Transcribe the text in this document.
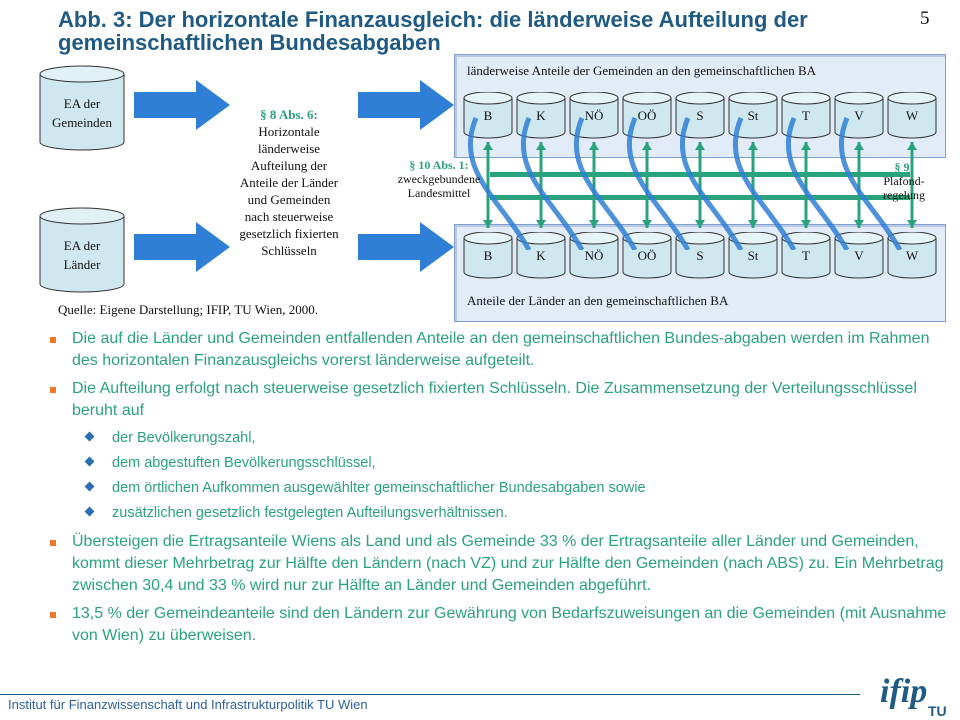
Abb. 3: Der horizontale Finanzausgleich: die länderweise Aufteilung der gemeinschaftlichen Bundesabgaben
5
EA der
Gemeinden
EA der
Länder
§ 8 Abs. 6:
Horizontale
länderweise
Aufteilung der
Anteile der Länder
und Gemeinden
nach steuerweise
gesetzlich fixierten
Schlüsseln
Quelle: Eigene Darstellung; IFIP, TU Wien, 2000.
länderweise Anteile der Gemeinden an den gemeinschaftlichen BA
Anteile der Länder an den gemeinschaftlichen BA
B	K	NÖ	OÖ	S	St	T	V	W
B	K	NÖ	OÖ	S	St	T	V	W
§ 10 Abs. 1:
zweckgebundene
Landesmittel
§ 9:
Plafond-
regelung
Die auf die Länder und Gemeinden entfallenden Anteile an den gemeinschaftlichen Bundes-abgaben werden im Rahmen des horizontalen Finanzausgleichs vorerst länderweise aufgeteilt.
Die Aufteilung erfolgt nach steuerweise gesetzlich fixierten Schlüsseln. Die Zusammensetzung der Verteilungsschlüssel beruht auf
der Bevölkerungszahl,
dem abgestuften Bevölkerungsschlüssel,
dem örtlichen Aufkommen ausgewählter gemeinschaftlicher Bundesabgaben sowie
zusätzlichen gesetzlich festgelegten Aufteilungsverhältnissen.
Übersteigen die Ertragsanteile Wiens als Land und als Gemeinde 33 % der Ertragsanteile aller Länder und Gemeinden, kommt dieser Mehrbetrag zur Hälfte den Ländern (nach VZ) und zur Hälfte den Gemeinden (nach ABS) zu. Ein Mehrbetrag zwischen 30,4 und 33 % wird nur zur Hälfte an Länder und Gemeinden abgeführt.
13,5 % der Gemeindeanteile sind den Ländern zur Gewährung von Bedarfszuweisungen an die Gemeinden (mit Ausnahme von Wien) zu überweisen.
Institut für Finanzwissenschaft und Infrastrukturpolitik TU Wien	ifip
TU
